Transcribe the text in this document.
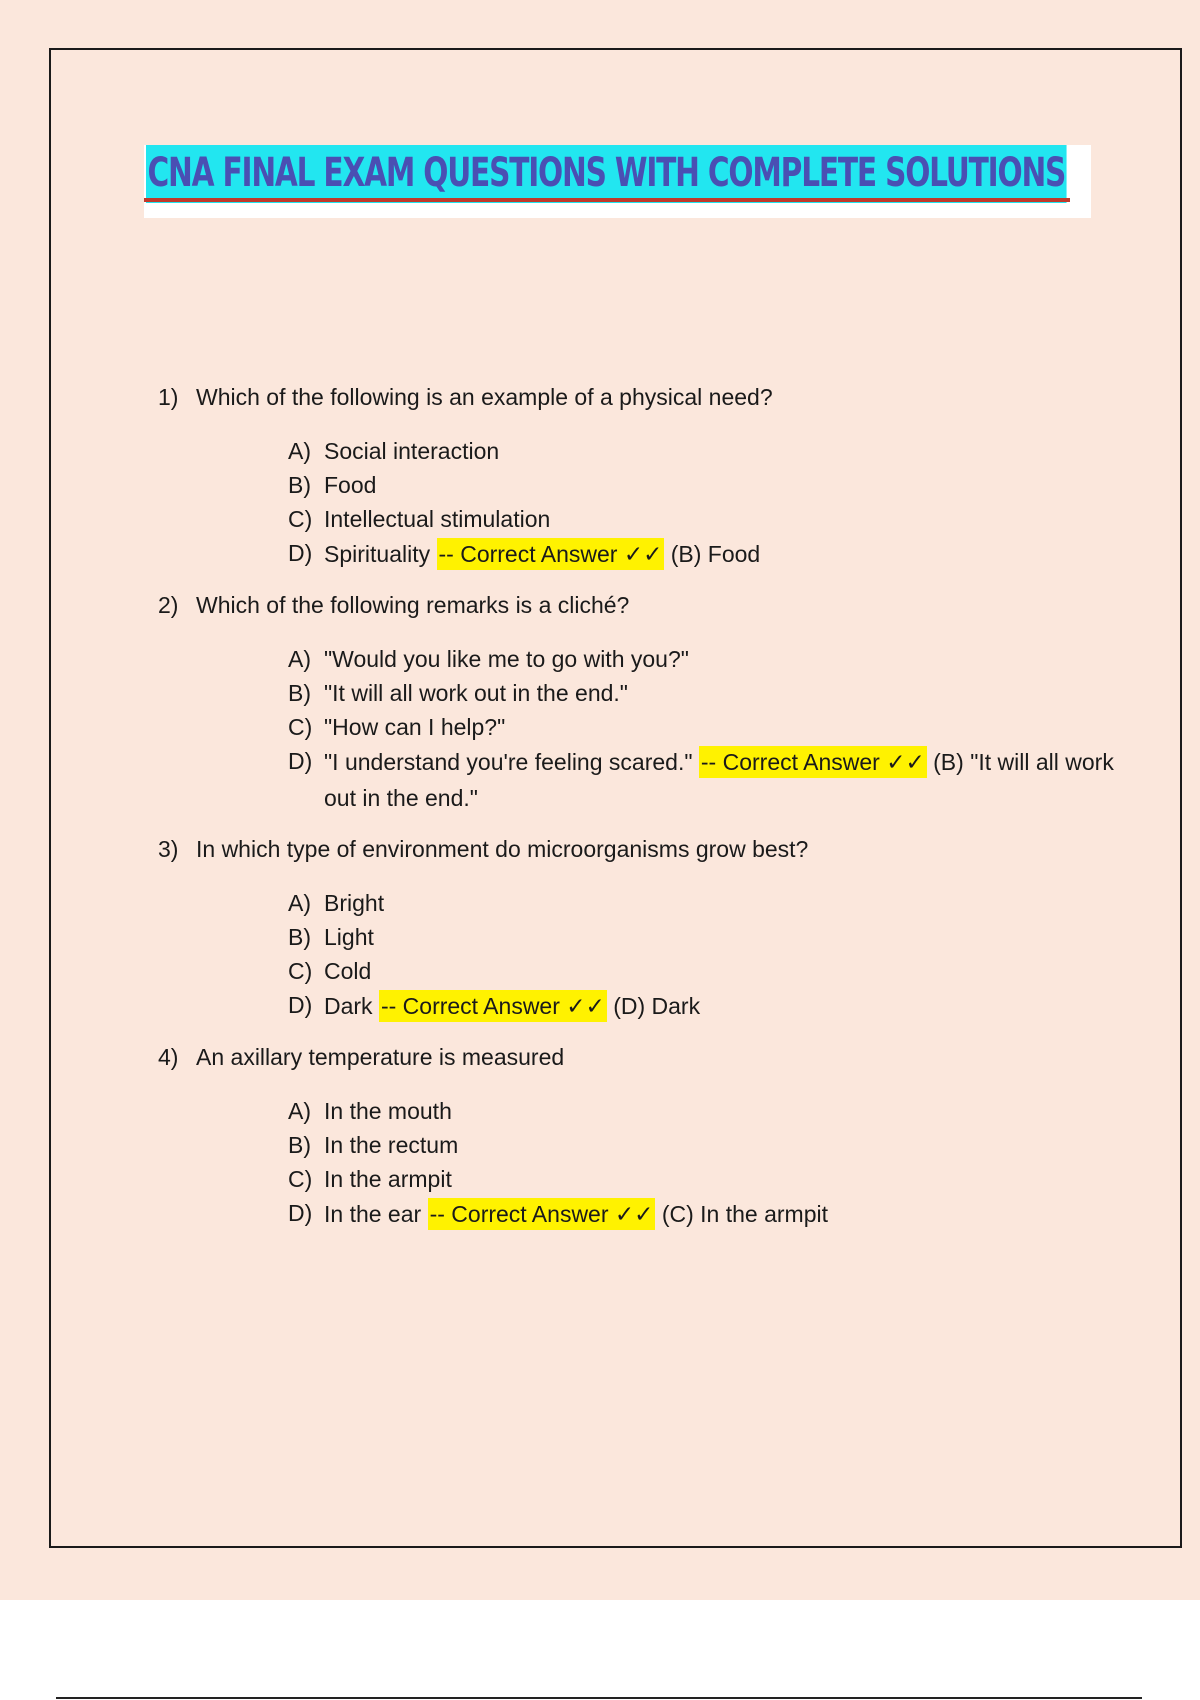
CNA FINAL EXAM QUESTIONS WITH COMPLETE SOLUTIONS
1) Which of the following is an example of a physical need?
A) Social interaction
B) Food
C) Intellectual stimulation
D) Spirituality -- Correct Answer ✓✓ (B) Food
2) Which of the following remarks is a cliché?
A) "Would you like me to go with you?"
B) "It will all work out in the end."
C) "How can I help?"
D) "I understand you're feeling scared." -- Correct Answer ✓✓ (B) "It will all work out in the end."
3) In which type of environment do microorganisms grow best?
A) Bright
B) Light
C) Cold
D) Dark -- Correct Answer ✓✓ (D) Dark
4) An axillary temperature is measured
A) In the mouth
B) In the rectum
C) In the armpit
D) In the ear -- Correct Answer ✓✓ (C) In the armpit
